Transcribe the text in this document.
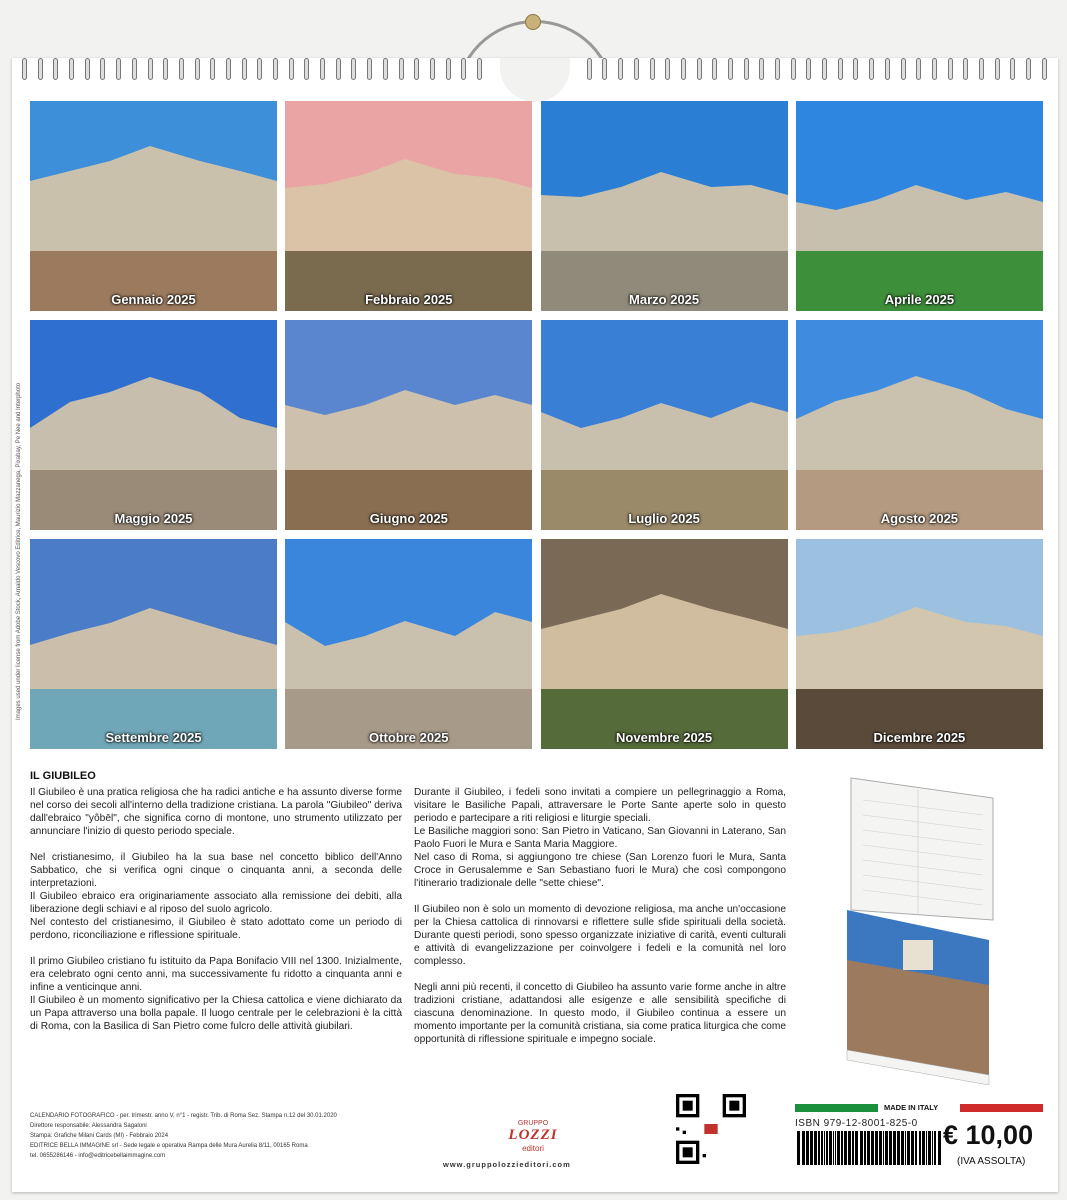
Images used under license from Adobe Stock, Arnaldo Vescovo Editrice, Maurizio Mazzanega, Pixabay, Pe Nee and Interphoto
Gennaio 2025	Febbraio 2025	Marzo 2025	Aprile 2025
Maggio 2025	Giugno 2025	Luglio 2025	Agosto 2025
Settembre 2025	Ottobre 2025	Novembre 2025	Dicembre 2025
IL GIUBILEO
Il Giubileo è una pratica religiosa che ha radici antiche e ha assunto diverse forme nel corso dei secoli all'interno della tradizione cristiana. La parola "Giubileo" deriva dall'ebraico "yôbēl", che significa corno di montone, uno strumento utilizzato per annunciare l'inizio di questo periodo speciale.

Nel cristianesimo, il Giubileo ha la sua base nel concetto biblico dell'Anno Sabbatico, che si verifica ogni cinque o cinquanta anni, a seconda delle interpretazioni.
Il Giubileo ebraico era originariamente associato alla remissione dei debiti, alla liberazione degli schiavi e al riposo del suolo agricolo.
Nel contesto del cristianesimo, il Giubileo è stato adottato come un periodo di perdono, riconciliazione e riflessione spirituale.

Il primo Giubileo cristiano fu istituito da Papa Bonifacio VIII nel 1300. Inizialmente, era celebrato ogni cento anni, ma successivamente fu ridotto a cinquanta anni e infine a venticinque anni.
Il Giubileo è un momento significativo per la Chiesa cattolica e viene dichiarato da un Papa attraverso una bolla papale. Il luogo centrale per le celebrazioni è la città di Roma, con la Basilica di San Pietro come fulcro delle attività giubilari.
Durante il Giubileo, i fedeli sono invitati a compiere un pellegrinaggio a Roma, visitare le Basiliche Papali, attraversare le Porte Sante aperte solo in questo periodo e partecipare a riti religiosi e liturgie speciali.
Le Basiliche maggiori sono: San Pietro in Vaticano, San Giovanni in Laterano, San Paolo Fuori le Mura e Santa Maria Maggiore.
Nel caso di Roma, si aggiungono tre chiese (San Lorenzo fuori le Mura, Santa Croce in Gerusalemme e San Sebastiano fuori le Mura) che così compongono l'itinerario tradizionale delle "sette chiese".

Il Giubileo non è solo un momento di devozione religiosa, ma anche un'occasione per la Chiesa cattolica di rinnovarsi e riflettere sulle sfide spirituali della società. Durante questi periodi, sono spesso organizzate iniziative di carità, eventi culturali e attività di evangelizzazione per coinvolgere i fedeli e la comunità nel loro complesso.

Negli anni più recenti, il concetto di Giubileo ha assunto varie forme anche in altre tradizioni cristiane, adattandosi alle esigenze e alle sensibilità specifiche di ciascuna denominazione. In questo modo, il Giubileo continua a essere un momento importante per la comunità cristiana, sia come pratica liturgica che come opportunità di riflessione spirituale e impegno sociale.
CALENDARIO FOTOGRAFICO - per. trimestr. anno V, n°1 - registr. Trib. di Roma Sez. Stampa n.12 del 30.01.2020
Direttore responsabile: Alessandra Sagaloni
Stampa: Grafiche Milani Cards (MI) - Febbraio 2024
EDITRICE BELLA IMMAGINE srl - Sede legale e operativa Rampa delle Mura Aurelia 8/11, 00165 Roma
tel. 0655286146 - info@editricebellaimmagine.com
GRUPPO
LOZZI
editori
www.gruppolozzieditori.com
MADE IN ITALY
ISBN 979-12-8001-825-0 € 10,00
(IVA ASSOLTA)
